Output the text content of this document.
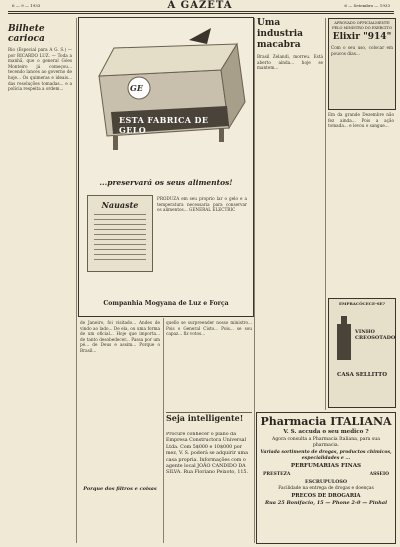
6 — 9 — 1933	A GAZETA	6 — Setembro — 1933
Bilhete carioca
Rio (Especial para A G. S.) — por RICARDO LUZ. — Toda a manhã, que o general Góes Monteiro já começou... tecendo lances ao governo de hoje... Os quimeras e ideais... das resoluções tomadas... e a polícia respeita a ordem...	GE
ESTA FABRICA DE GELO
...preservará os seus alimentos!
Nauaste
PRODUZA em seu proprio lar o gelo e a temperatura necessaria para conservar os alimentos... GENERAL ELECTRIC
Companhia Mogyana de Luz e Força
de Janeiro, foi visitado... Andes de vindo ao lado... De ela, ou uma forma de um oficial... Hoje que importa... de tanto desobedecer... Passa por um pé... de Deus e assim... Porque o Brasil...
quello se surpreender nosso ministro... Pois o General Cisto... Pois... se sou capaz... fiz votos...
Seja intelligente!
Procure conhecer o plano da Empresa Constructora Universal Ltda. Com 5$000 e 10$000 por mez, V. S. poderá se adquirir uma casa propria. Informações com o agente local JOÃO CANDIDO DA SILVA. Rua Floriano Peixoto, 115.
Porque dos filtros e coisas
Uma industria macabra
Brasil Zelandi, morreu. Está aberto ainda... hoje se mantem...
APROVADO OFFICIALMENTE PELO MINISTRO DO EXERCITO
Elixir "914"
Com o seu uso, colocar em poucos dias...
Em da grande Dezembre não fez ainda... Pois a ação tomada... e levou o sangue...
EMPRACÓCECE-SE?
VINHO CREOSOTADO
CASA SELLITTO
Pharmacia ITALIANA
V. S. accuda o seu medico ?
Agora consulta a Pharmacia Italiana, para sua pharmacia.
Variada sortimento de drogas, productos chimicos, especialidades e ...
PERFUMARIAS FINAS
PRESTEZA	ASSEIO
ESCRUPULOSO
Facilidade na entrega de drogas e doenças
PRECOS DE DROGARIA
Rua 25 Bonifacio, 15 — Phone 2-0 — Pinhal
